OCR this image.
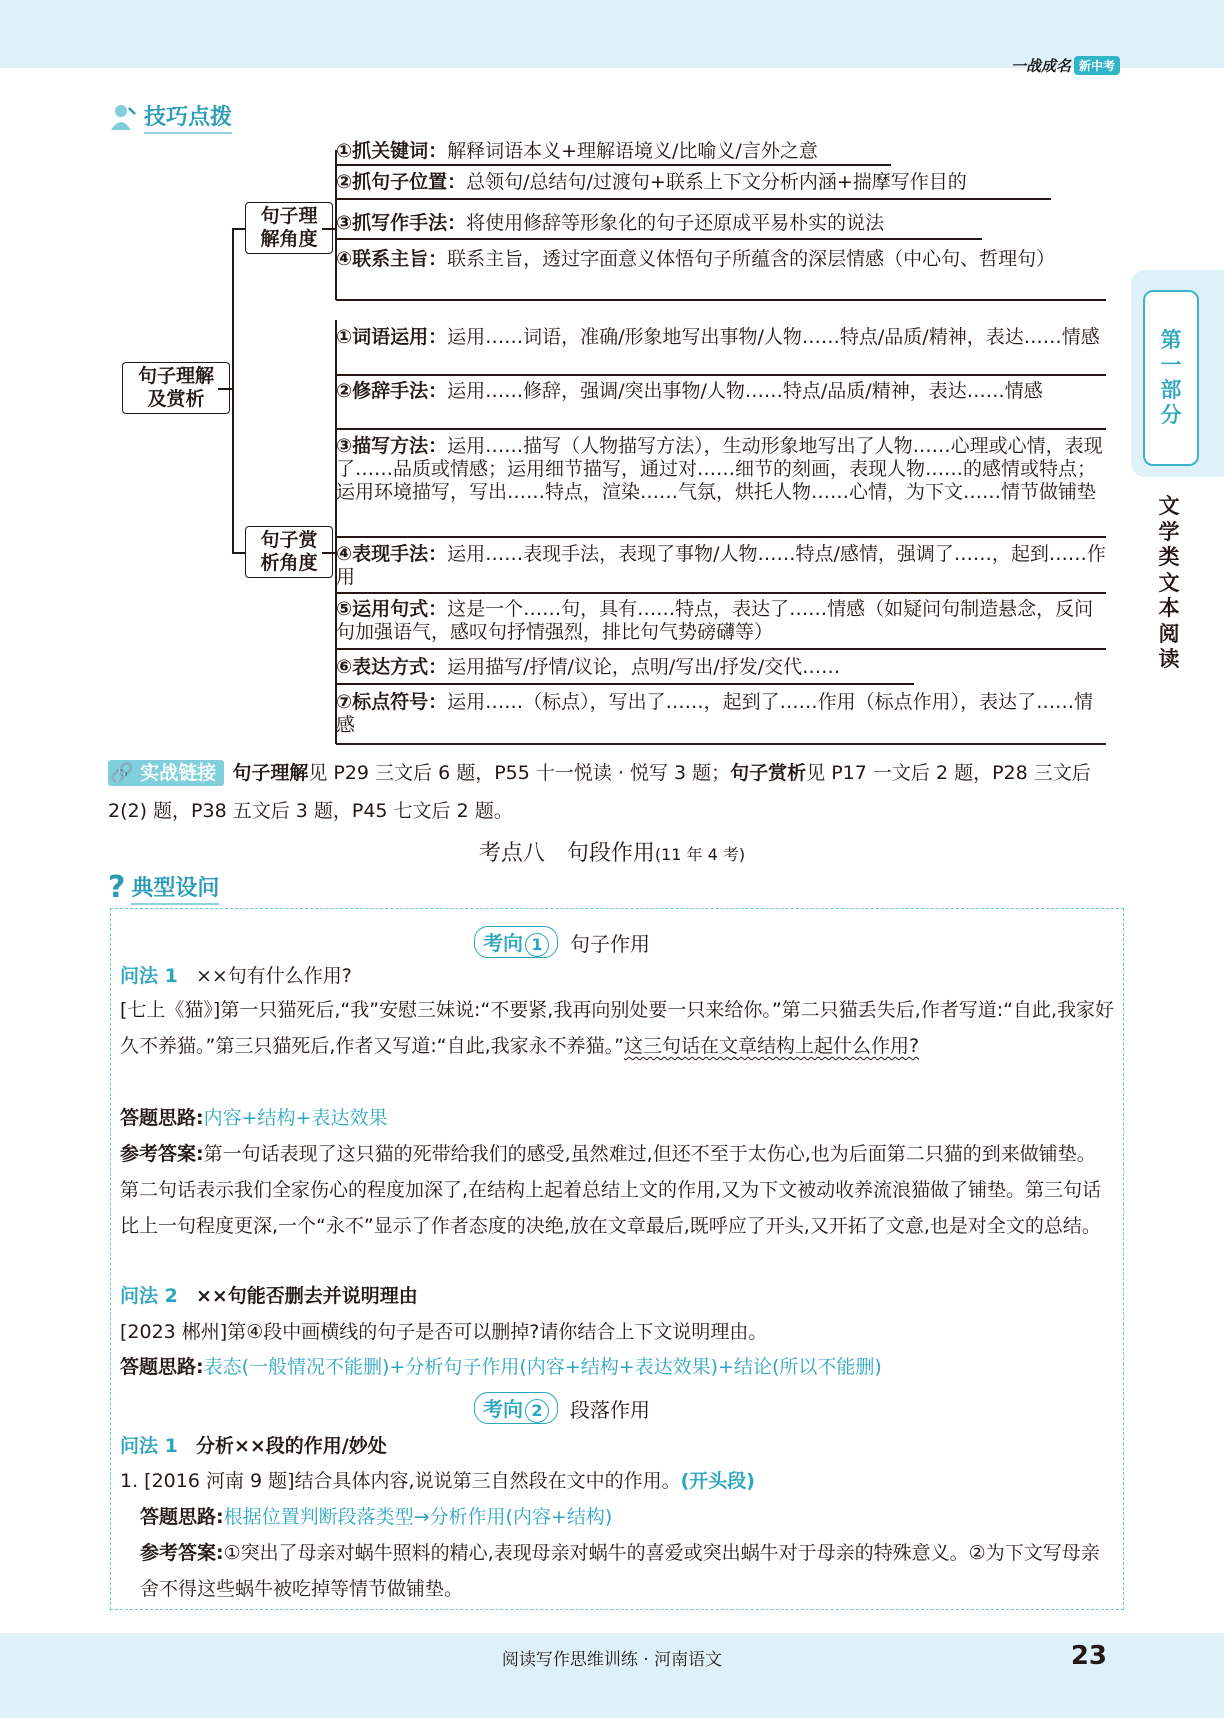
一战成名 新中考
第
一
部
分
文
学
类
文
本
阅
读
技巧点拨
句子理解
及赏析
句子理
解角度
句子赏
析角度
①抓关键词：解释词语本义+理解语境义/比喻义/言外之意
②抓句子位置：总领句/总结句/过渡句+联系上下文分析内涵+揣摩写作目的
③抓写作手法：将使用修辞等形象化的句子还原成平易朴实的说法
④联系主旨：联系主旨，透过字面意义体悟句子所蕴含的深层情感（中心句、哲理句）
①词语运用：运用……词语，准确/形象地写出事物/人物……特点/品质/精神，表达……情感
②修辞手法：运用……修辞，强调/突出事物/人物……特点/品质/精神，表达……情感
③描写方法：运用……描写（人物描写方法），生动形象地写出了人物……心理或心情，表现了……品质或情感；运用细节描写，通过对……细节的刻画，表现人物……的感情或特点；运用环境描写，写出……特点，渲染……气氛，烘托人物……心情，为下文……情节做铺垫
④表现手法：运用……表现手法，表现了事物/人物……特点/感情，强调了……，起到……作用
⑤运用句式：这是一个……句，具有……特点，表达了……情感（如疑问句制造悬念，反问句加强语气，感叹句抒情强烈，排比句气势磅礴等）
⑥表达方式：运用描写/抒情/议论，点明/写出/抒发/交代……
⑦标点符号：运用……（标点），写出了……，起到了……作用（标点作用），表达了……情感
🔗 实战链接 句子理解见 P29 三文后 6 题，P55 十一悦读 · 悦写 3 题；句子赏析见 P17 一文后 2 题，P28 三文后 2(2) 题，P38 五文后 3 题，P45 七文后 2 题。
考点八　句段作用(11 年 4 考)
? 典型设问
考向 1	句子作用
问法 1 ××句有什么作用?
[七上《猫》]第一只猫死后,“我”安慰三妹说:“不要紧,我再向别处要一只来给你。”第二只猫丢失后,作者写道:“自此,我家好久不养猫。”第三只猫死后,作者又写道:“自此,我家永不养猫。”这三句话在文章结构上起什么作用?
答题思路:内容+结构+表达效果
参考答案:第一句话表现了这只猫的死带给我们的感受,虽然难过,但还不至于太伤心,也为后面第二只猫的到来做铺垫。第二句话表示我们全家伤心的程度加深了,在结构上起着总结上文的作用,又为下文被动收养流浪猫做了铺垫。第三句话比上一句程度更深,一个“永不”显示了作者态度的决绝,放在文章最后,既呼应了开头,又开拓了文意,也是对全文的总结。
问法 2 ××句能否删去并说明理由
[2023 郴州]第④段中画横线的句子是否可以删掉?请你结合上下文说明理由。
答题思路:表态(一般情况不能删)+分析句子作用(内容+结构+表达效果)+结论(所以不能删)
考向 2	段落作用
问法 1 分析××段的作用/妙处
1. [2016 河南 9 题]结合具体内容,说说第三自然段在文中的作用。(开头段)
答题思路:根据位置判断段落类型→分析作用(内容+结构)
参考答案:①突出了母亲对蜗牛照料的精心,表现母亲对蜗牛的喜爱或突出蜗牛对于母亲的特殊意义。②为下文写母亲舍不得这些蜗牛被吃掉等情节做铺垫。
阅读写作思维训练 · 河南语文	23
